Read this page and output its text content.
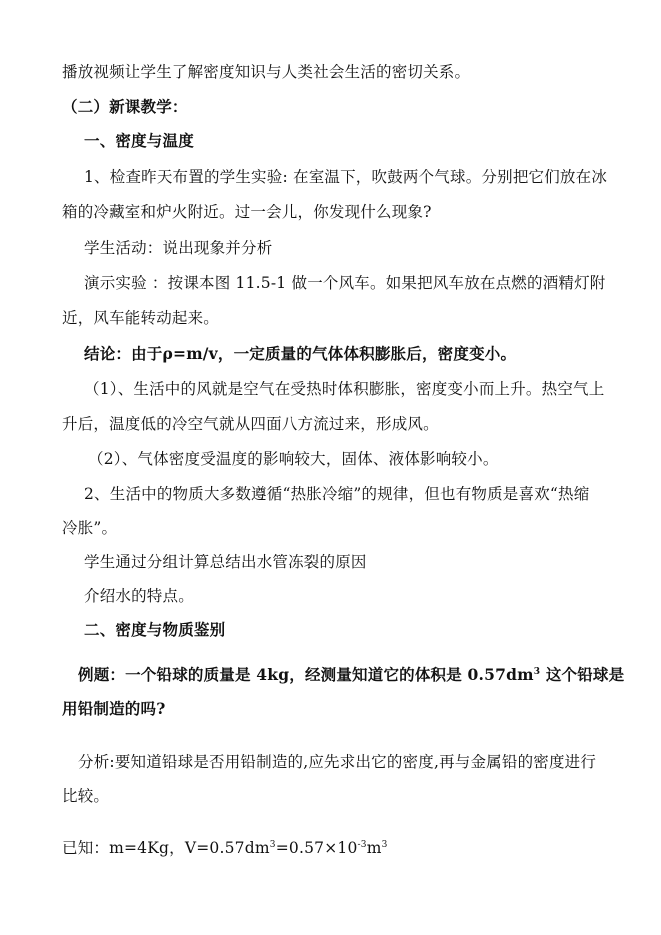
播放视频让学生了解密度知识与人类社会生活的密切关系。
（二）新课教学：
一、密度与温度
1、检查昨天布置的学生实验: 在室温下，吹鼓两个气球。分别把它们放在冰
箱的冷藏室和炉火附近。过一会儿，你发现什么现象?
学生活动：说出现象并分析
演示实验 ：按课本图 11.5-1 做一个风车。如果把风车放在点燃的酒精灯附
近，风车能转动起来。
结论：由于ρ=m/v，一定质量的气体体积膨胀后，密度变小。
（1）、生活中的风就是空气在受热时体积膨胀，密度变小而上升。热空气上
升后，温度低的冷空气就从四面八方流过来，形成风。
（2）、气体密度受温度的影响较大，固体、液体影响较小。
2、生活中的物质大多数遵循“热胀冷缩”的规律，但也有物质是喜欢“热缩
冷胀”。
学生通过分组计算总结出水管冻裂的原因
介绍水的特点。
二、密度与物质鉴别
例题：一个铅球的质量是 4kg，经测量知道它的体积是 $0.57dm^3$ 这个铅球是
用铅制造的吗?
分析:要知道铅球是否用铅制造的,应先求出它的密度,再与金属铅的密度进行
比较。
已知：m=4Kg，$V=0.57dm^3=0.57\times 10^{-3}m^3$
